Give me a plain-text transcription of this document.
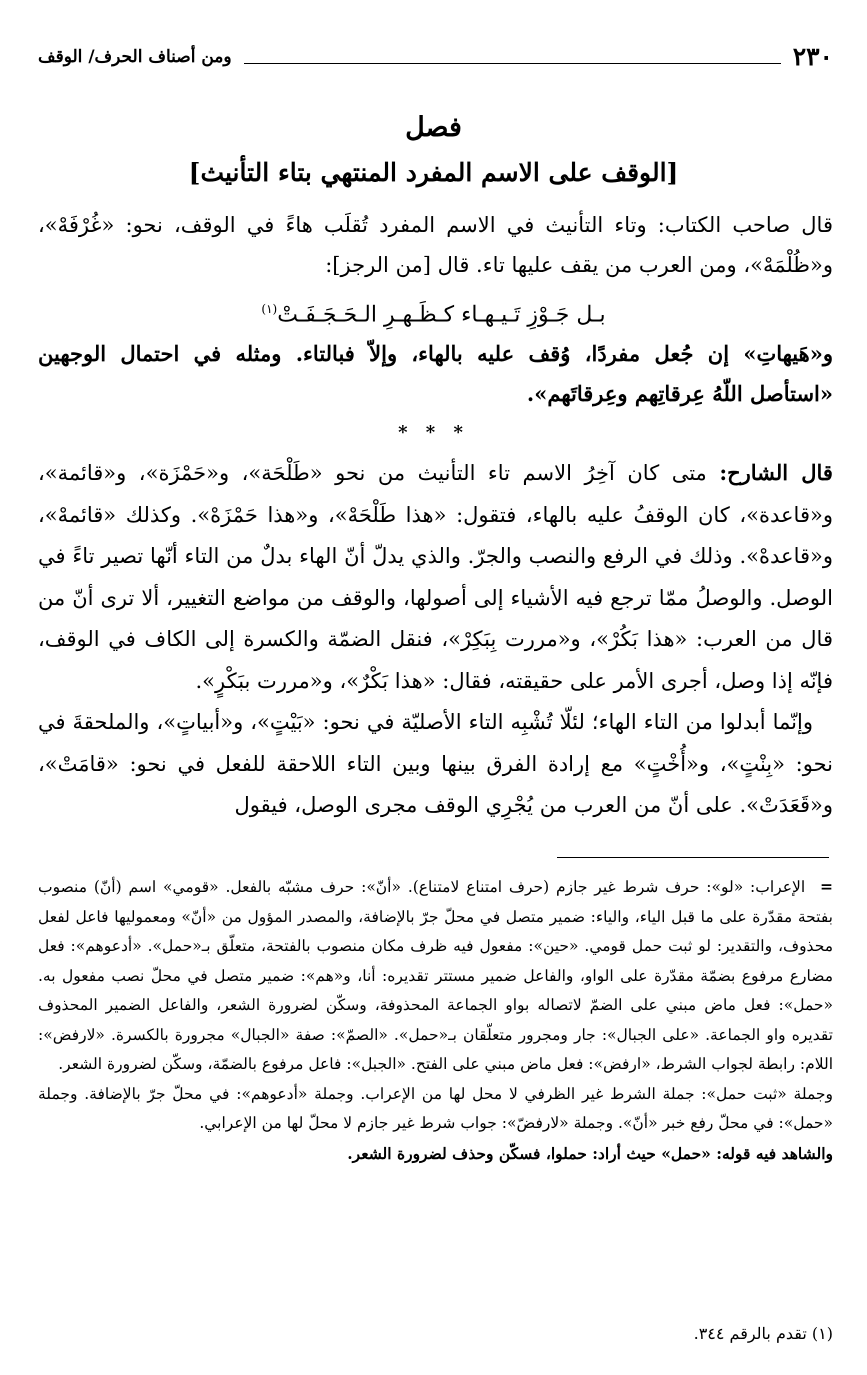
٢٣٠
ومن أصناف الحرف/ الوقف
فصل
[الوقف على الاسم المفرد المنتهي بتاء التأنيث]

قال صاحب الكتاب: وتاء التأنيث في الاسم المفرد تُقلَب هاءً في الوقف، نحو: «غُرْفَهْ»، و«ظُلْمَهْ»، ومن العرب من يقف عليها تاء. قال [من الرجز]:

بـل جَـوْزِ تَـيـهـاء كـظَـهـرِ الـحَـجَـفَـتْ$^{(١)}$
و«هَيهاتِ» إن جُعل مفردًا، وُقف عليه بالهاء، وإلاّ فبالتاء. ومثله في احتمال الوجهين «استأصل اللّهُ عِرقاتِهم وعِرقاتَهم».
* * *

قال الشارح: متى كان آخِرُ الاسم تاء التأنيث من نحو «طَلْحَة»، و«حَمْزَة»، و«قائمة»، و«قاعدة»، كان الوقفُ عليه بالهاء، فتقول: «هذا طَلْحَهْ»، و«هذا حَمْزَهْ». وكذلك «قائمهْ»، و«قاعدهْ». وذلك في الرفع والنصب والجرّ. والذي يدلّ أنّ الهاء بدلٌ من التاء أنّها تصير تاءً في الوصل. والوصلُ ممّا ترجع فيه الأشياء إلى أصولها، والوقف من مواضع التغيير، ألا ترى أنّ من قال من العرب: «هذا بَكُرْ»، و«مررت بِبَكِرْ»، فنقل الضمّة والكسرة إلى الكاف في الوقف، فإنّه إذا وصل، أجرى الأمر على حقيقته، فقال: «هذا بَكْرٌ»، و«مررت ببَكْرٍ».

وإنّما أبدلوا من التاء الهاء؛ لئلّا تُشْبِه التاء الأصليّة في نحو: «بَيْتٍ»، و«أبياتٍ»، والملحقةَ في نحو: «بِنْتٍ»، و«أُخْتٍ» مع إرادة الفرق بينها وبين التاء اللاحقة للفعل في نحو: «قامَتْ»، و«قَعَدَتْ». على أنّ من العرب من يُجْرِي الوقف مجرى الوصل، فيقول

= الإعراب: «لو»: حرف شرط غير جازم (حرف امتناع لامتناع). «أنّ»: حرف مشبّه بالفعل. «قومي» اسم (أنّ) منصوب بفتحة مقدّرة على ما قبل الياء، والياء: ضمير متصل في محلّ جرّ بالإضافة، والمصدر المؤول من «أنّ» ومعموليها فاعل لفعل محذوف، والتقدير: لو ثبت حمل قومي. «حين»: مفعول فيه ظرف مكان منصوب بالفتحة، متعلّق بـ«حمل». «أدعوهم»: فعل مضارع مرفوع بضمّة مقدّرة على الواو، والفاعل ضمير مستتر تقديره: أنا، و«هم»: ضمير متصل في محلّ نصب مفعول به. «حمل»: فعل ماض مبني على الضمّ لاتصاله بواو الجماعة المحذوفة، وسكّن لضرورة الشعر، والفاعل الضمير المحذوف تقديره واو الجماعة. «على الجبال»: جار ومجرور متعلّقان بـ«حمل». «الصمّ»: صفة «الجبال» مجرورة بالكسرة. «لارفض»: اللام: رابطة لجواب الشرط، «ارفض»: فعل ماض مبني على الفتح. «الجبل»: فاعل مرفوع بالضمّة، وسكّن لضرورة الشعر.

وجملة «ثبت حمل»: جملة الشرط غير الظرفي لا محل لها من الإعراب. وجملة «أدعوهم»: في محلّ جرّ بالإضافة. وجملة «حمل»: في محلّ رفع خبر «أنّ». وجملة «لارفضّ»: جواب شرط غير جازم لا محلّ لها من الإعرابي.

والشاهد فيه قوله: «حمل» حيث أراد: حملوا، فسكّن وحذف لضرورة الشعر.

(١) تقدم بالرقم ٣٤٤.
